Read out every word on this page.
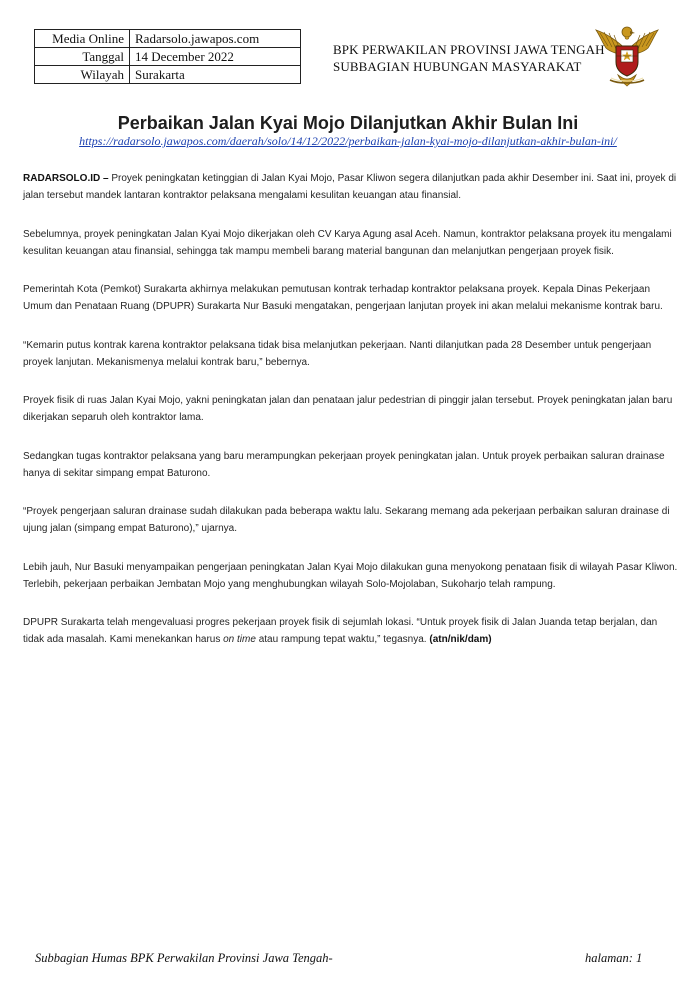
Media Online	Radarsolo.jawapos.com
Tanggal	14 December 2022
Wilayah	Surakarta
BPK PERWAKILAN PROVINSI JAWA TENGAH
SUBBAGIAN HUBUNGAN MASYARAKAT
Perbaikan Jalan Kyai Mojo Dilanjutkan Akhir Bulan Ini
https://radarsolo.jawapos.com/daerah/solo/14/12/2022/perbaikan-jalan-kyai-mojo-dilanjutkan-akhir-bulan-ini/

RADARSOLO.ID – Proyek peningkatan ketinggian di Jalan Kyai Mojo, Pasar Kliwon segera dilanjutkan pada akhir Desember ini. Saat ini, proyek di jalan tersebut mandek lantaran kontraktor pelaksana mengalami kesulitan keuangan atau finansial.

Sebelumnya, proyek peningkatan Jalan Kyai Mojo dikerjakan oleh CV Karya Agung asal Aceh. Namun, kontraktor pelaksana proyek itu mengalami kesulitan keuangan atau finansial, sehingga tak mampu membeli barang material bangunan dan melanjutkan pengerjaan proyek fisik.

Pemerintah Kota (Pemkot) Surakarta akhirnya melakukan pemutusan kontrak terhadap kontraktor pelaksana proyek. Kepala Dinas Pekerjaan Umum dan Penataan Ruang (DPUPR) Surakarta Nur Basuki mengatakan, pengerjaan lanjutan proyek ini akan melalui mekanisme kontrak baru.

“Kemarin putus kontrak karena kontraktor pelaksana tidak bisa melanjutkan pekerjaan. Nanti dilanjutkan pada 28 Desember untuk pengerjaan proyek lanjutan. Mekanismenya melalui kontrak baru,” bebernya.

Proyek fisik di ruas Jalan Kyai Mojo, yakni peningkatan jalan dan penataan jalur pedestrian di pinggir jalan tersebut. Proyek peningkatan jalan baru dikerjakan separuh oleh kontraktor lama.

Sedangkan tugas kontraktor pelaksana yang baru merampungkan pekerjaan proyek peningkatan jalan. Untuk proyek perbaikan saluran drainase hanya di sekitar simpang empat Baturono.

“Proyek pengerjaan saluran drainase sudah dilakukan pada beberapa waktu lalu. Sekarang memang ada pekerjaan perbaikan saluran drainase di ujung jalan (simpang empat Baturono),” ujarnya.

Lebih jauh, Nur Basuki menyampaikan pengerjaan peningkatan Jalan Kyai Mojo dilakukan guna menyokong penataan fisik di wilayah Pasar Kliwon. Terlebih, pekerjaan perbaikan Jembatan Mojo yang menghubungkan wilayah Solo-Mojolaban, Sukoharjo telah rampung.

DPUPR Surakarta telah mengevaluasi progres pekerjaan proyek fisik di sejumlah lokasi. “Untuk proyek fisik di Jalan Juanda tetap berjalan, dan tidak ada masalah. Kami menekankan harus on time atau rampung tepat waktu,” tegasnya. (atn/nik/dam)

Subbagian Humas BPK Perwakilan Provinsi Jawa Tengah-	halaman: 1
